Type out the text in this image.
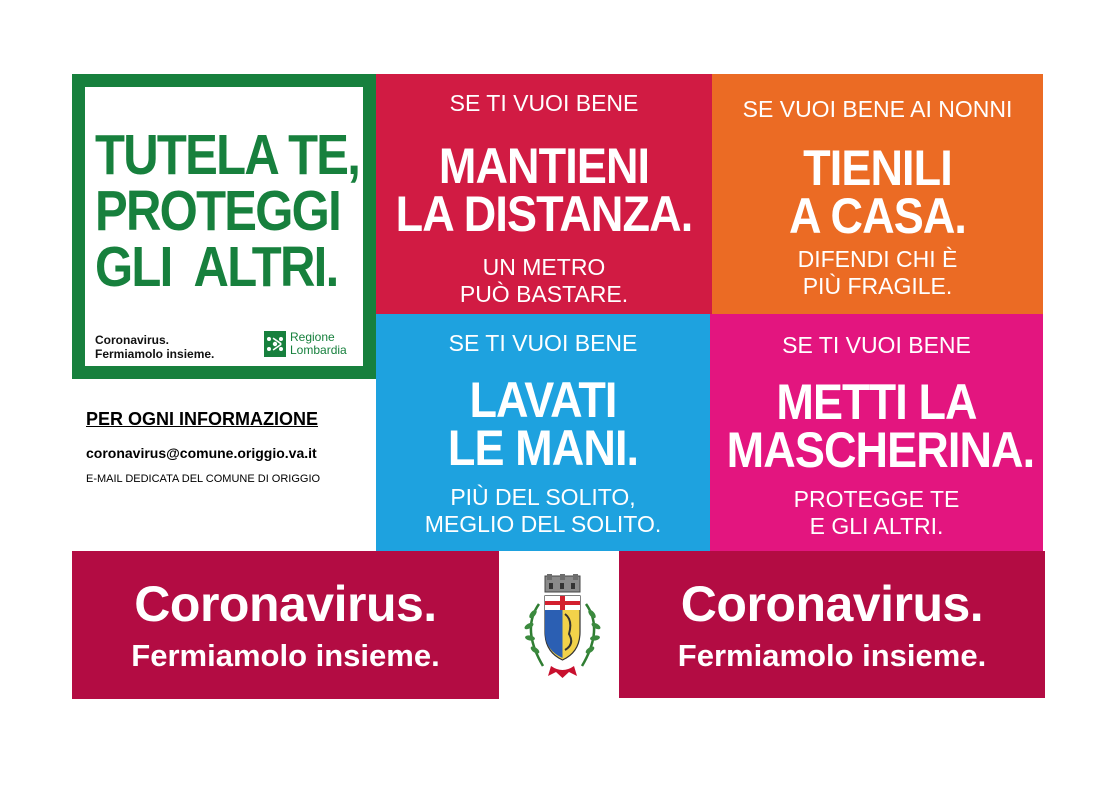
TUTELA TE,
PROTEGGI
GLI  ALTRI.
Coronavirus.
Fermiamolo insieme.
Regione
Lombardia
SE TI VUOI BENE
MANTIENI
LA DISTANZA.
UN METRO
PUÒ BASTARE.
SE VUOI BENE AI NONNI
TIENILI
A CASA.
DIFENDI CHI È
PIÙ FRAGILE.
SE TI VUOI BENE
LAVATI
LE MANI.
PIÙ DEL SOLITO,
MEGLIO DEL SOLITO.
SE TI VUOI BENE
METTI LA
MASCHERINA.
PROTEGGE TE
E GLI ALTRI.
PER OGNI INFORMAZIONE
coronavirus@comune.origgio.va.it
E-MAIL DEDICATA DEL COMUNE DI ORIGGIO
Coronavirus.
Fermiamolo insieme.
Coronavirus.
Fermiamolo insieme.
